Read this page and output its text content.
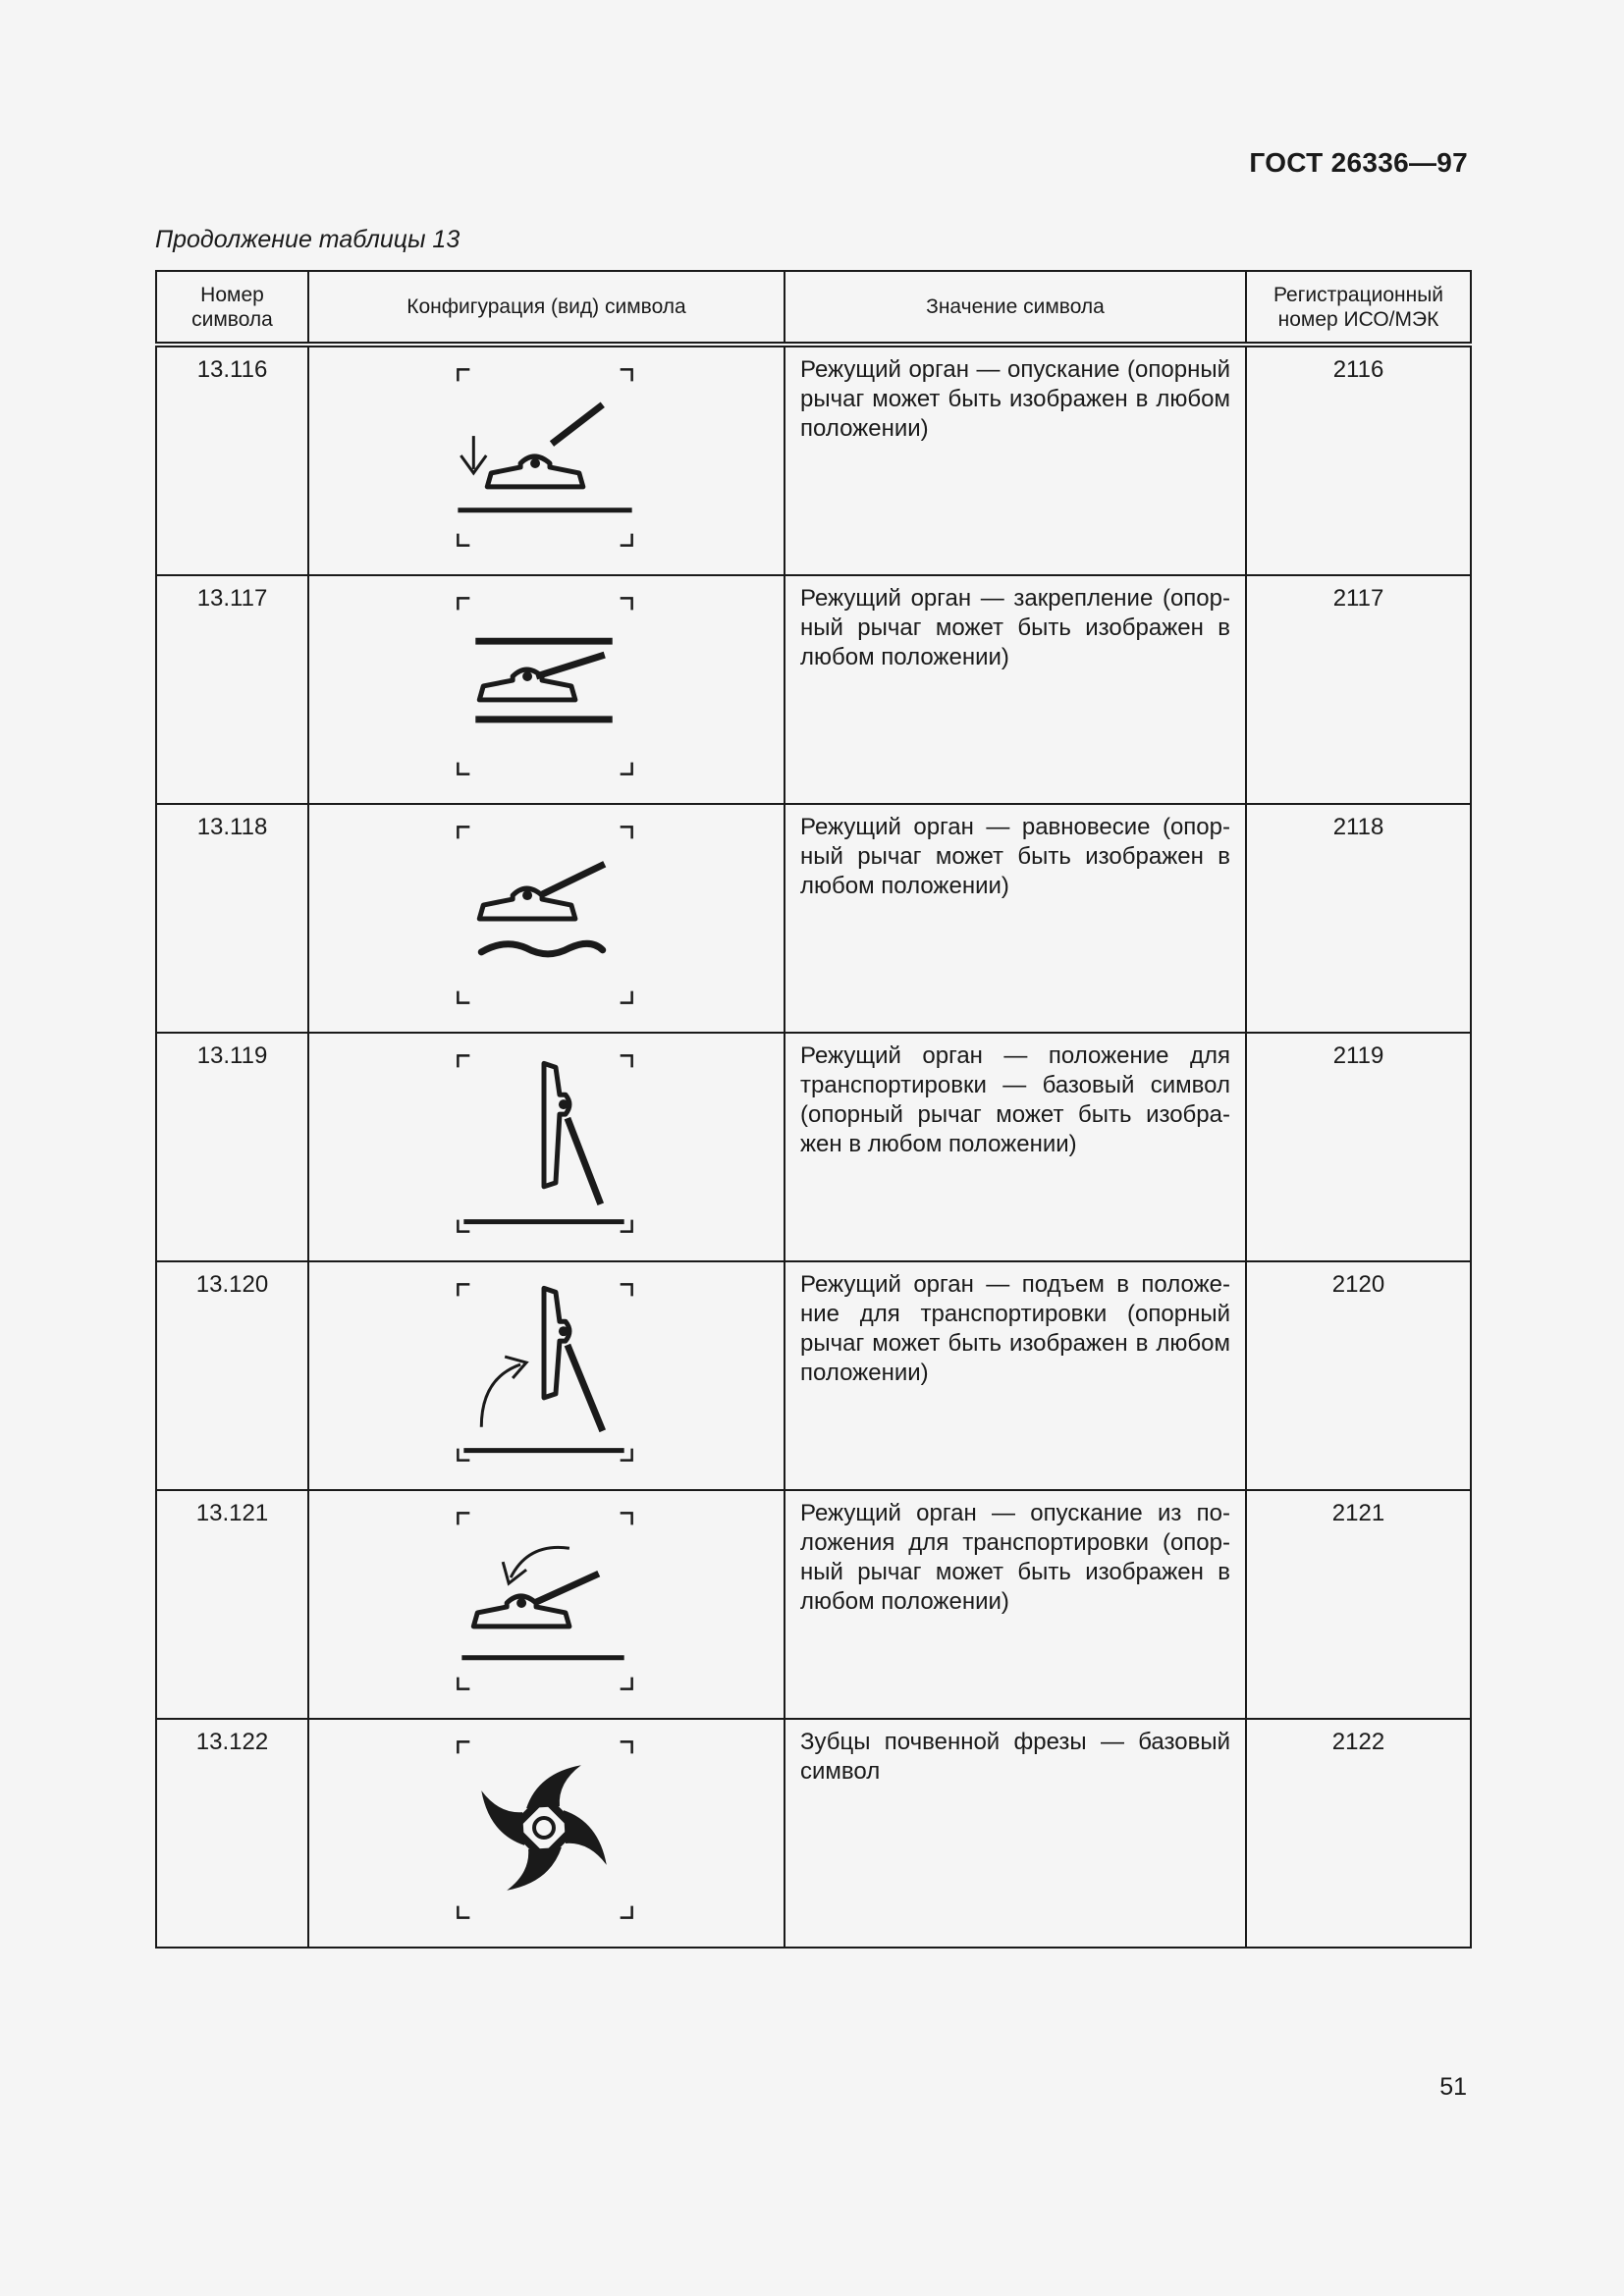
ГОСТ 26336—97
Продолжение таблицы 13
Номер символа	Конфигурация (вид) символа	Значение символа	Регистрационный номер ИСО/МЭК
13.116		Режущий орган — опускание (опорный рычаг может быть изображен в любом положении)	2116
13.117		Режущий орган — закрепление (опорный рычаг может быть изображен в любом положении)	2117
13.118		Режущий орган — равновесие (опорный рычаг может быть изображен в любом положении)	2118
13.119		Режущий орган — положение для транспортировки — базовый символ (опорный рычаг может быть изображен в любом положении)	2119
13.120		Режущий орган — подъем в положение для транспортировки (опорный рычаг может быть изображен в любом положении)	2120
13.121		Режущий орган — опускание из положения для транспортировки (опорный рычаг может быть изображен в любом положении)	2121
13.122		Зубцы почвенной фрезы — базовый символ	2122
51
